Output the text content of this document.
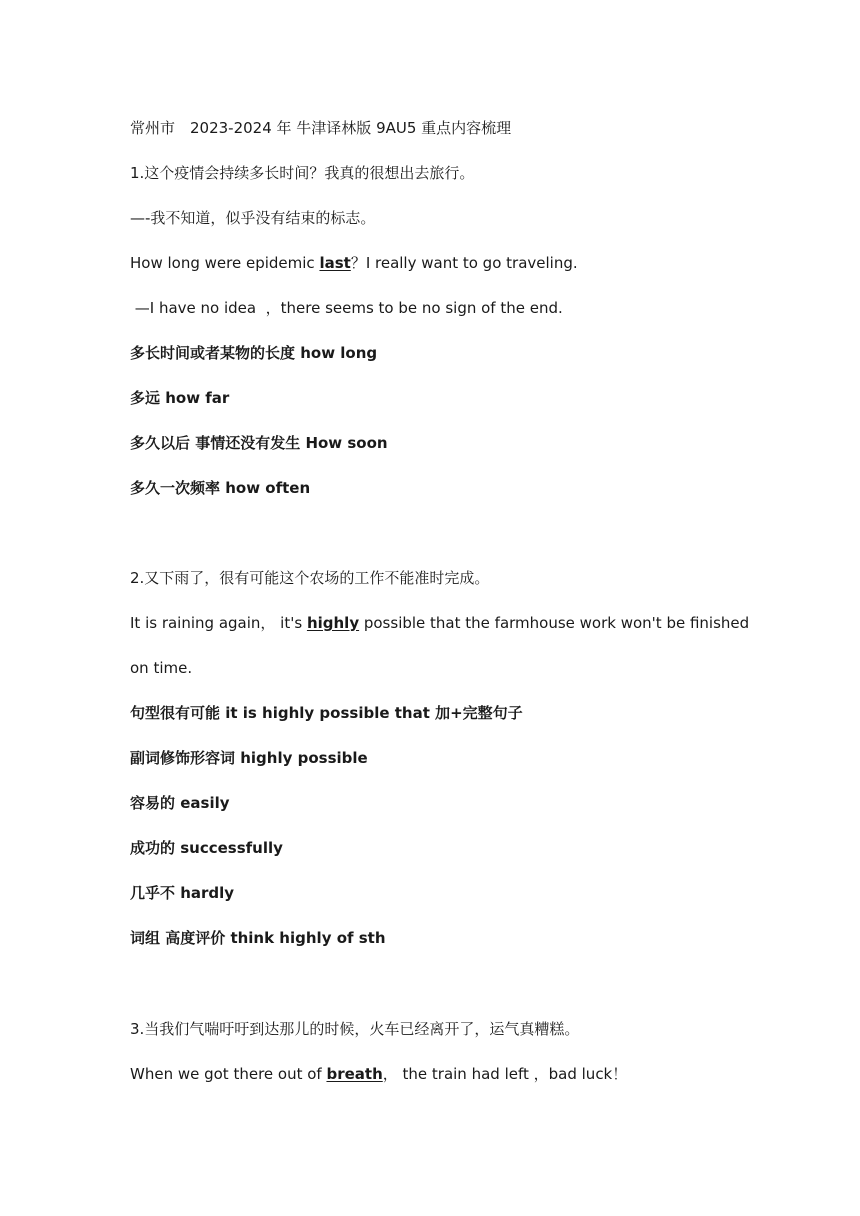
常州市　2023-2024 年 牛津译林版 9AU5 重点内容梳理
1.这个疫情会持续多长时间？我真的很想出去旅行。
—-我不知道，似乎没有结束的标志。
How long were epidemic last？I really want to go traveling.
—I have no idea  ，there seems to be no sign of the end.
多长时间或者某物的长度 how long
多远 how far
多久以后 事情还没有发生 How soon
多久一次频率 how often
2.又下雨了，很有可能这个农场的工作不能准时完成。
It is raining again， it's highly possible that the farmhouse work won't be finished
on time.
句型很有可能 it is highly possible that 加+完整句子
副词修饰形容词 highly possible
容易的 easily
成功的 successfully
几乎不 hardly
词组 高度评价 think highly of sth
3.当我们气喘吁吁到达那儿的时候，火车已经离开了，运气真糟糕。
When we got there out of breath， the train had left ，bad luck！
